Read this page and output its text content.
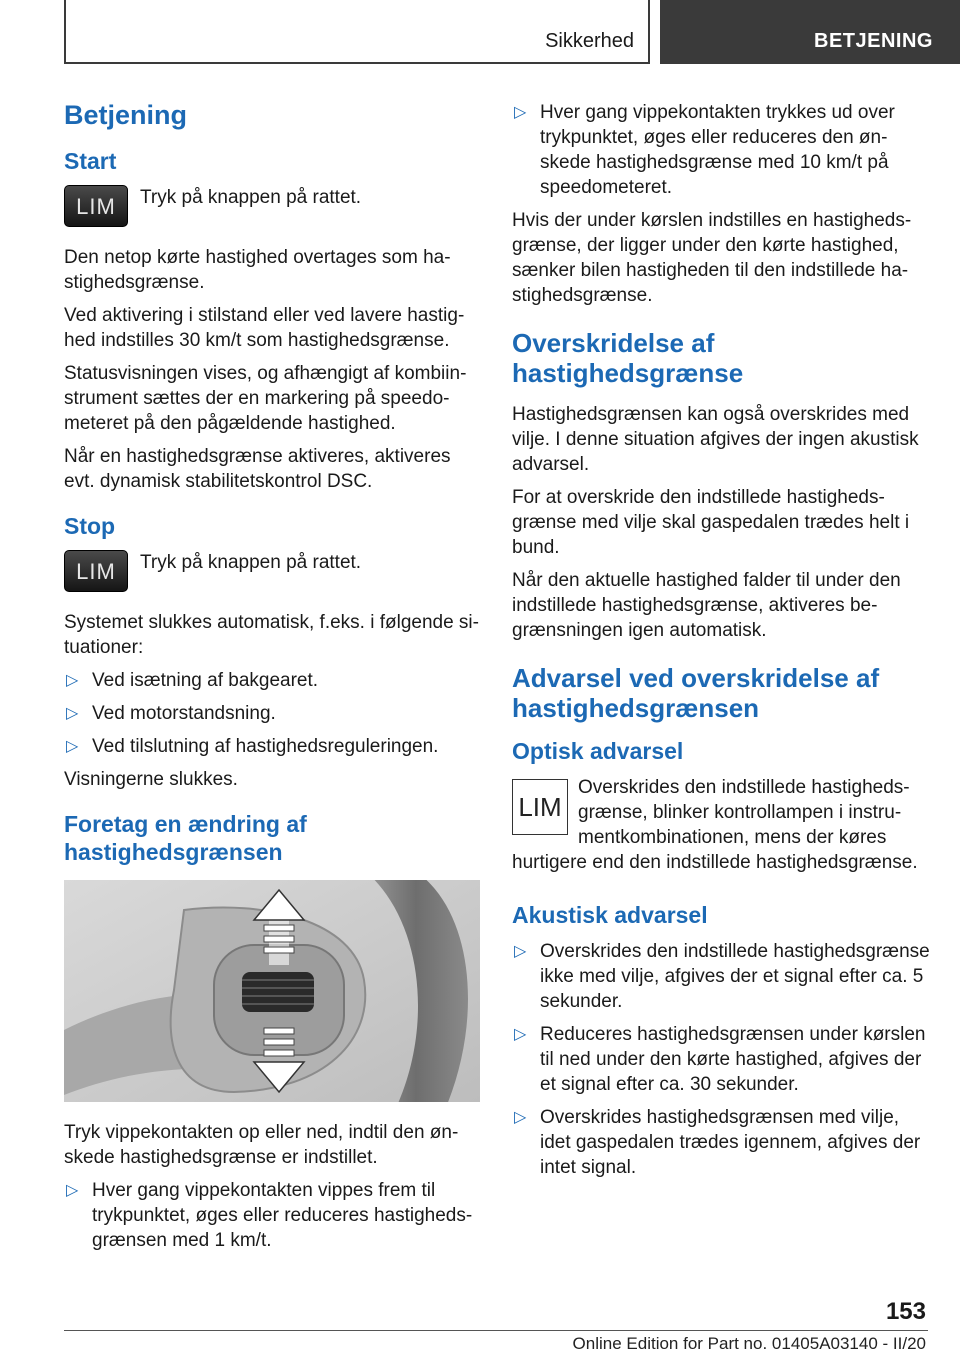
Sikkerhed	BETJENING
Betjening
Start
LIM	Tryk på knappen på rattet.

Den netop kørte hastighed overtages som hastighedsgrænse.

Ved aktivering i stilstand eller ved lavere hastighed indstilles 30 km/t som hastighedsgrænse.

Statusvisningen vises, og afhængigt af kombiinstrument sættes der en markering på speedometeret på den pågældende hastighed.

Når en hastighedsgrænse aktiveres, aktiveres evt. dynamisk stabilitetskontrol DSC.

Stop
LIM	Tryk på knappen på rattet.

Systemet slukkes automatisk, f.eks. i følgende situationer:

▷ Ved isætning af bakgearet.
▷ Ved motorstandsning.
▷ Ved tilslutning af hastighedsreguleringen.

Visningerne slukkes.

Foretag en ændring af hastighedsgrænsen

Tryk vippekontakten op eller ned, indtil den ønskede hastighedsgrænse er indstillet.

▷ Hver gang vippekontakten vippes frem til trykpunktet, øges eller reduceres hastighedsgrænsen med 1 km/t.
▷ Hver gang vippekontakten trykkes ud over trykpunktet, øges eller reduceres den ønskede hastighedsgrænse med 10 km/t på speedometeret.

Hvis der under kørslen indstilles en hastighedsgrænse, der ligger under den kørte hastighed, sænker bilen hastigheden til den indstillede hastighedsgrænse.

Overskridelse af hastighedsgrænse

Hastighedsgrænsen kan også overskrides med vilje. I denne situation afgives der ingen akustisk advarsel.

For at overskride den indstillede hastighedsgrænse med vilje skal gaspedalen trædes helt i bund.

Når den aktuelle hastighed falder til under den indstillede hastighedsgrænse, aktiveres begrænsningen igen automatisk.

Advarsel ved overskridelse af hastighedsgrænsen
Optisk advarsel

LIM
Overskrides den indstillede hastighedsgrænse, blinker kontrollampen i instrumentkombinationen, mens der køres hurtigere end den indstillede hastighedsgrænse.

Akustisk advarsel
▷ Overskrides den indstillede hastighedsgrænse ikke med vilje, afgives der et signal efter ca. 5 sekunder.
▷ Reduceres hastighedsgrænsen under kørslen til ned under den kørte hastighed, afgives der et signal efter ca. 30 sekunder.
▷ Overskrides hastighedsgrænsen med vilje, idet gaspedalen trædes igennem, afgives der intet signal.
153
Online Edition for Part no. 01405A03140 - II/20
